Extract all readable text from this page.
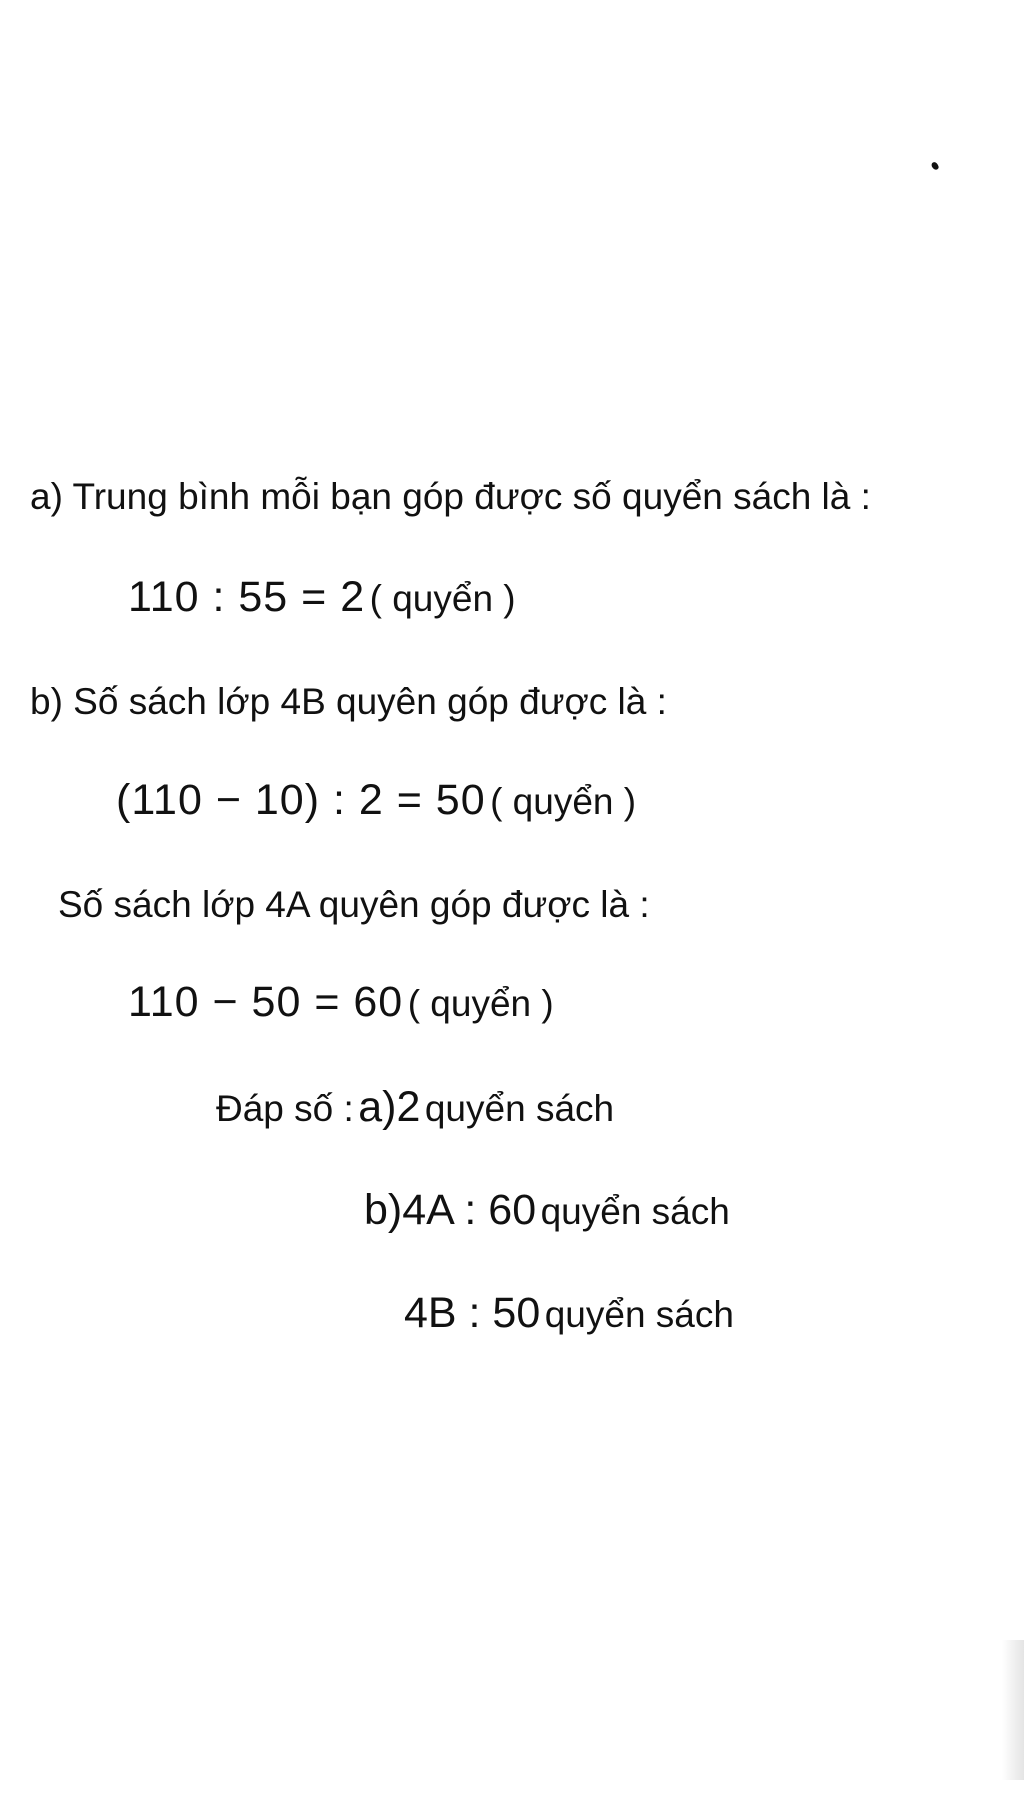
a) Trung bình mỗi bạn góp được số quyển sách là :

110 : 55 = 2 ( quyển )

b) Số sách lớp 4B quyên góp được là :

(110 − 10) : 2 = 50 ( quyển )

Số sách lớp 4A quyên góp được là :

110 − 50 = 60 ( quyển )

Đáp số : a)2 quyển sách

b)4A : 60 quyển sách

4B : 50 quyển sách
